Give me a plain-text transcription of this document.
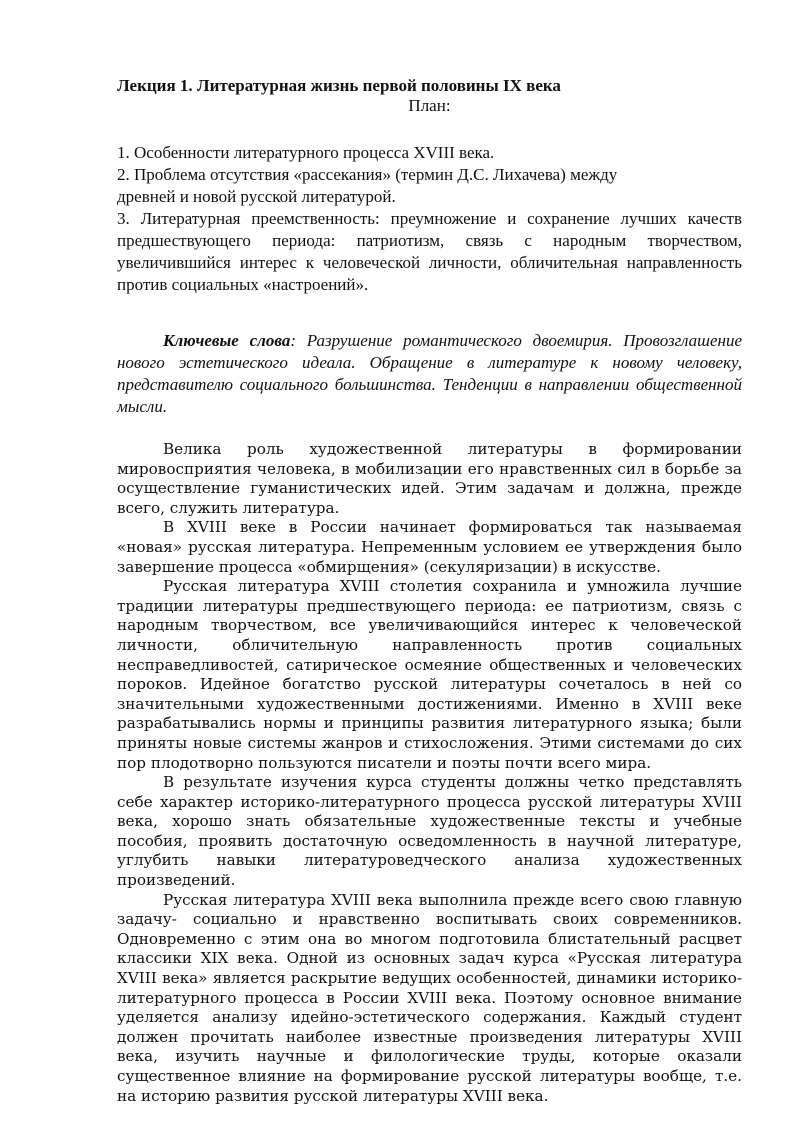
Лекция 1. Литературная жизнь первой половины IX века

План:

1. Особенности литературного процесса XVIII века.

2. Проблема отсутствия «рассекания» (термин Д.С. Лихачева) между древней и новой русской литературой.

3. Литературная преемственность: преумножение и сохранение лучших качеств предшествующего периода: патриотизм, связь с народным творчеством, увеличившийся интерес к человеческой личности, обличительная направленность против социальных «настроений».

Ключевые слова: Разрушение романтического двоемирия. Провозглашение нового эстетического идеала. Обращение в литературе к новому человеку, представителю социального большинства. Тенденции в направлении общественной мысли.

Велика роль художественной литературы в формировании мировосприятия человека, в мобилизации его нравственных сил в борьбе за осуществление гуманистических идей. Этим задачам и должна, прежде всего, служить литература.

В XVIII веке в России начинает формироваться так называемая «новая» русская литература. Непременным условием ее утверждения было завершение процесса «обмирщения» (секуляризации) в искусстве.

Русская литература XVIII столетия сохранила и умножила лучшие традиции литературы предшествующего периода: ее патриотизм, связь с народным творчеством, все увеличивающийся интерес к человеческой личности, обличительную направленность против социальных несправедливостей, сатирическое осмеяние общественных и человеческих пороков. Идейное богатство русской литературы сочеталось в ней со значительными художественными достижениями. Именно в XVIII веке разрабатывались нормы и принципы развития литературного языка; были приняты новые системы жанров и стихосложения. Этими системами до сих пор плодотворно пользуются писатели и поэты почти всего мира.

В результате изучения курса студенты должны четко представлять себе характер историко-литературного процесса русской литературы XVIII века, хорошо знать обязательные художественные тексты и учебные пособия, проявить достаточную осведомленность в научной литературе, углубить навыки литературоведческого анализа художественных произведений.

Русская литература XVIII века выполнила прежде всего свою главную задачу- социально и нравственно воспитывать своих современников. Одновременно с этим она во многом подготовила блистательный расцвет классики XIX века. Одной из основных задач курса «Русская литература XVIII века» является раскрытие ведущих особенностей, динамики историко-литературного процесса в России XVIII века. Поэтому основное внимание уделяется анализу идейно-эстетического содержания. Каждый студент должен прочитать наиболее известные произведения литературы XVIII века, изучить научные и филологические труды, которые оказали существенное влияние на формирование русской литературы вообще, т.е. на историю развития русской литературы XVIII века.
